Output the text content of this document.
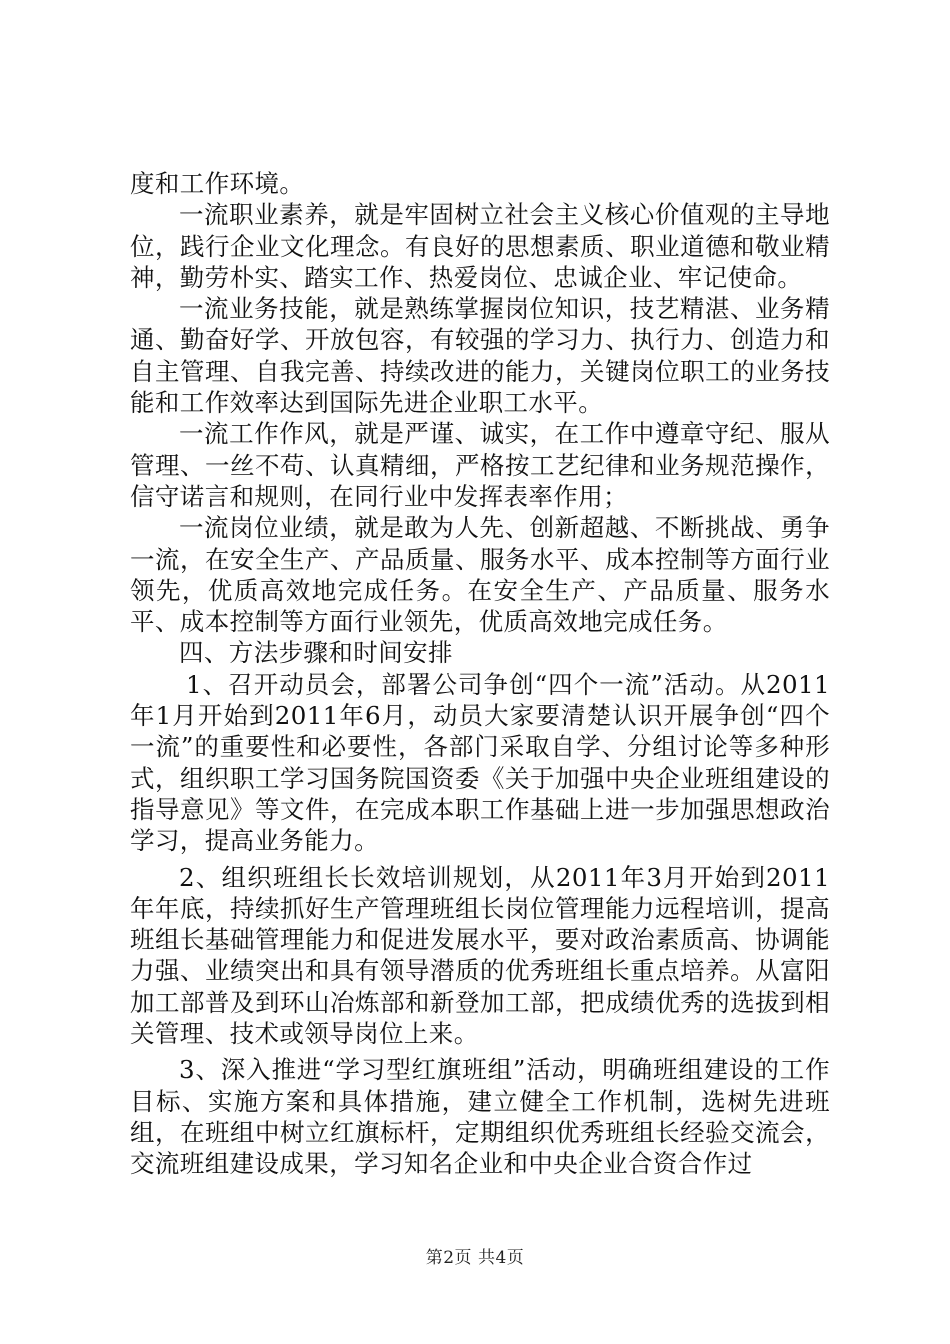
度和工作环境。

一流职业素养，就是牢固树立社会主义核心价值观的主导地位，践行企业文化理念。有良好的思想素质、职业道德和敬业精神，勤劳朴实、踏实工作、热爱岗位、忠诚企业、牢记使命。

一流业务技能，就是熟练掌握岗位知识，技艺精湛、业务精通、勤奋好学、开放包容，有较强的学习力、执行力、创造力和自主管理、自我完善、持续改进的能力，关键岗位职工的业务技能和工作效率达到国际先进企业职工水平。

一流工作作风，就是严谨、诚实，在工作中遵章守纪、服从管理、一丝不苟、认真精细，严格按工艺纪律和业务规范操作，信守诺言和规则，在同行业中发挥表率作用；

一流岗位业绩，就是敢为人先、创新超越、不断挑战、勇争一流，在安全生产、产品质量、服务水平、成本控制等方面行业领先，优质高效地完成任务。在安全生产、产品质量、服务水平、成本控制等方面行业领先，优质高效地完成任务。

四、方法步骤和时间安排

1、召开动员会，部署公司争创“四个一流”活动。从2011年1月开始到2011年6月，动员大家要清楚认识开展争创“四个一流”的重要性和必要性，各部门采取自学、分组讨论等多种形式，组织职工学习国务院国资委《关于加强中央企业班组建设的指导意见》等文件，在完成本职工作基础上进一步加强思想政治学习，提高业务能力。

2、组织班组长长效培训规划，从2011年3月开始到2011年年底，持续抓好生产管理班组长岗位管理能力远程培训，提高班组长基础管理能力和促进发展水平，要对政治素质高、协调能力强、业绩突出和具有领导潜质的优秀班组长重点培养。从富阳加工部普及到环山冶炼部和新登加工部，把成绩优秀的选拔到相关管理、技术或领导岗位上来。

3、深入推进“学习型红旗班组”活动，明确班组建设的工作目标、实施方案和具体措施，建立健全工作机制，选树先进班组，在班组中树立红旗标杆，定期组织优秀班组长经验交流会，交流班组建设成果，学习知名企业和中央企业合资合作过

第2页 共4页
